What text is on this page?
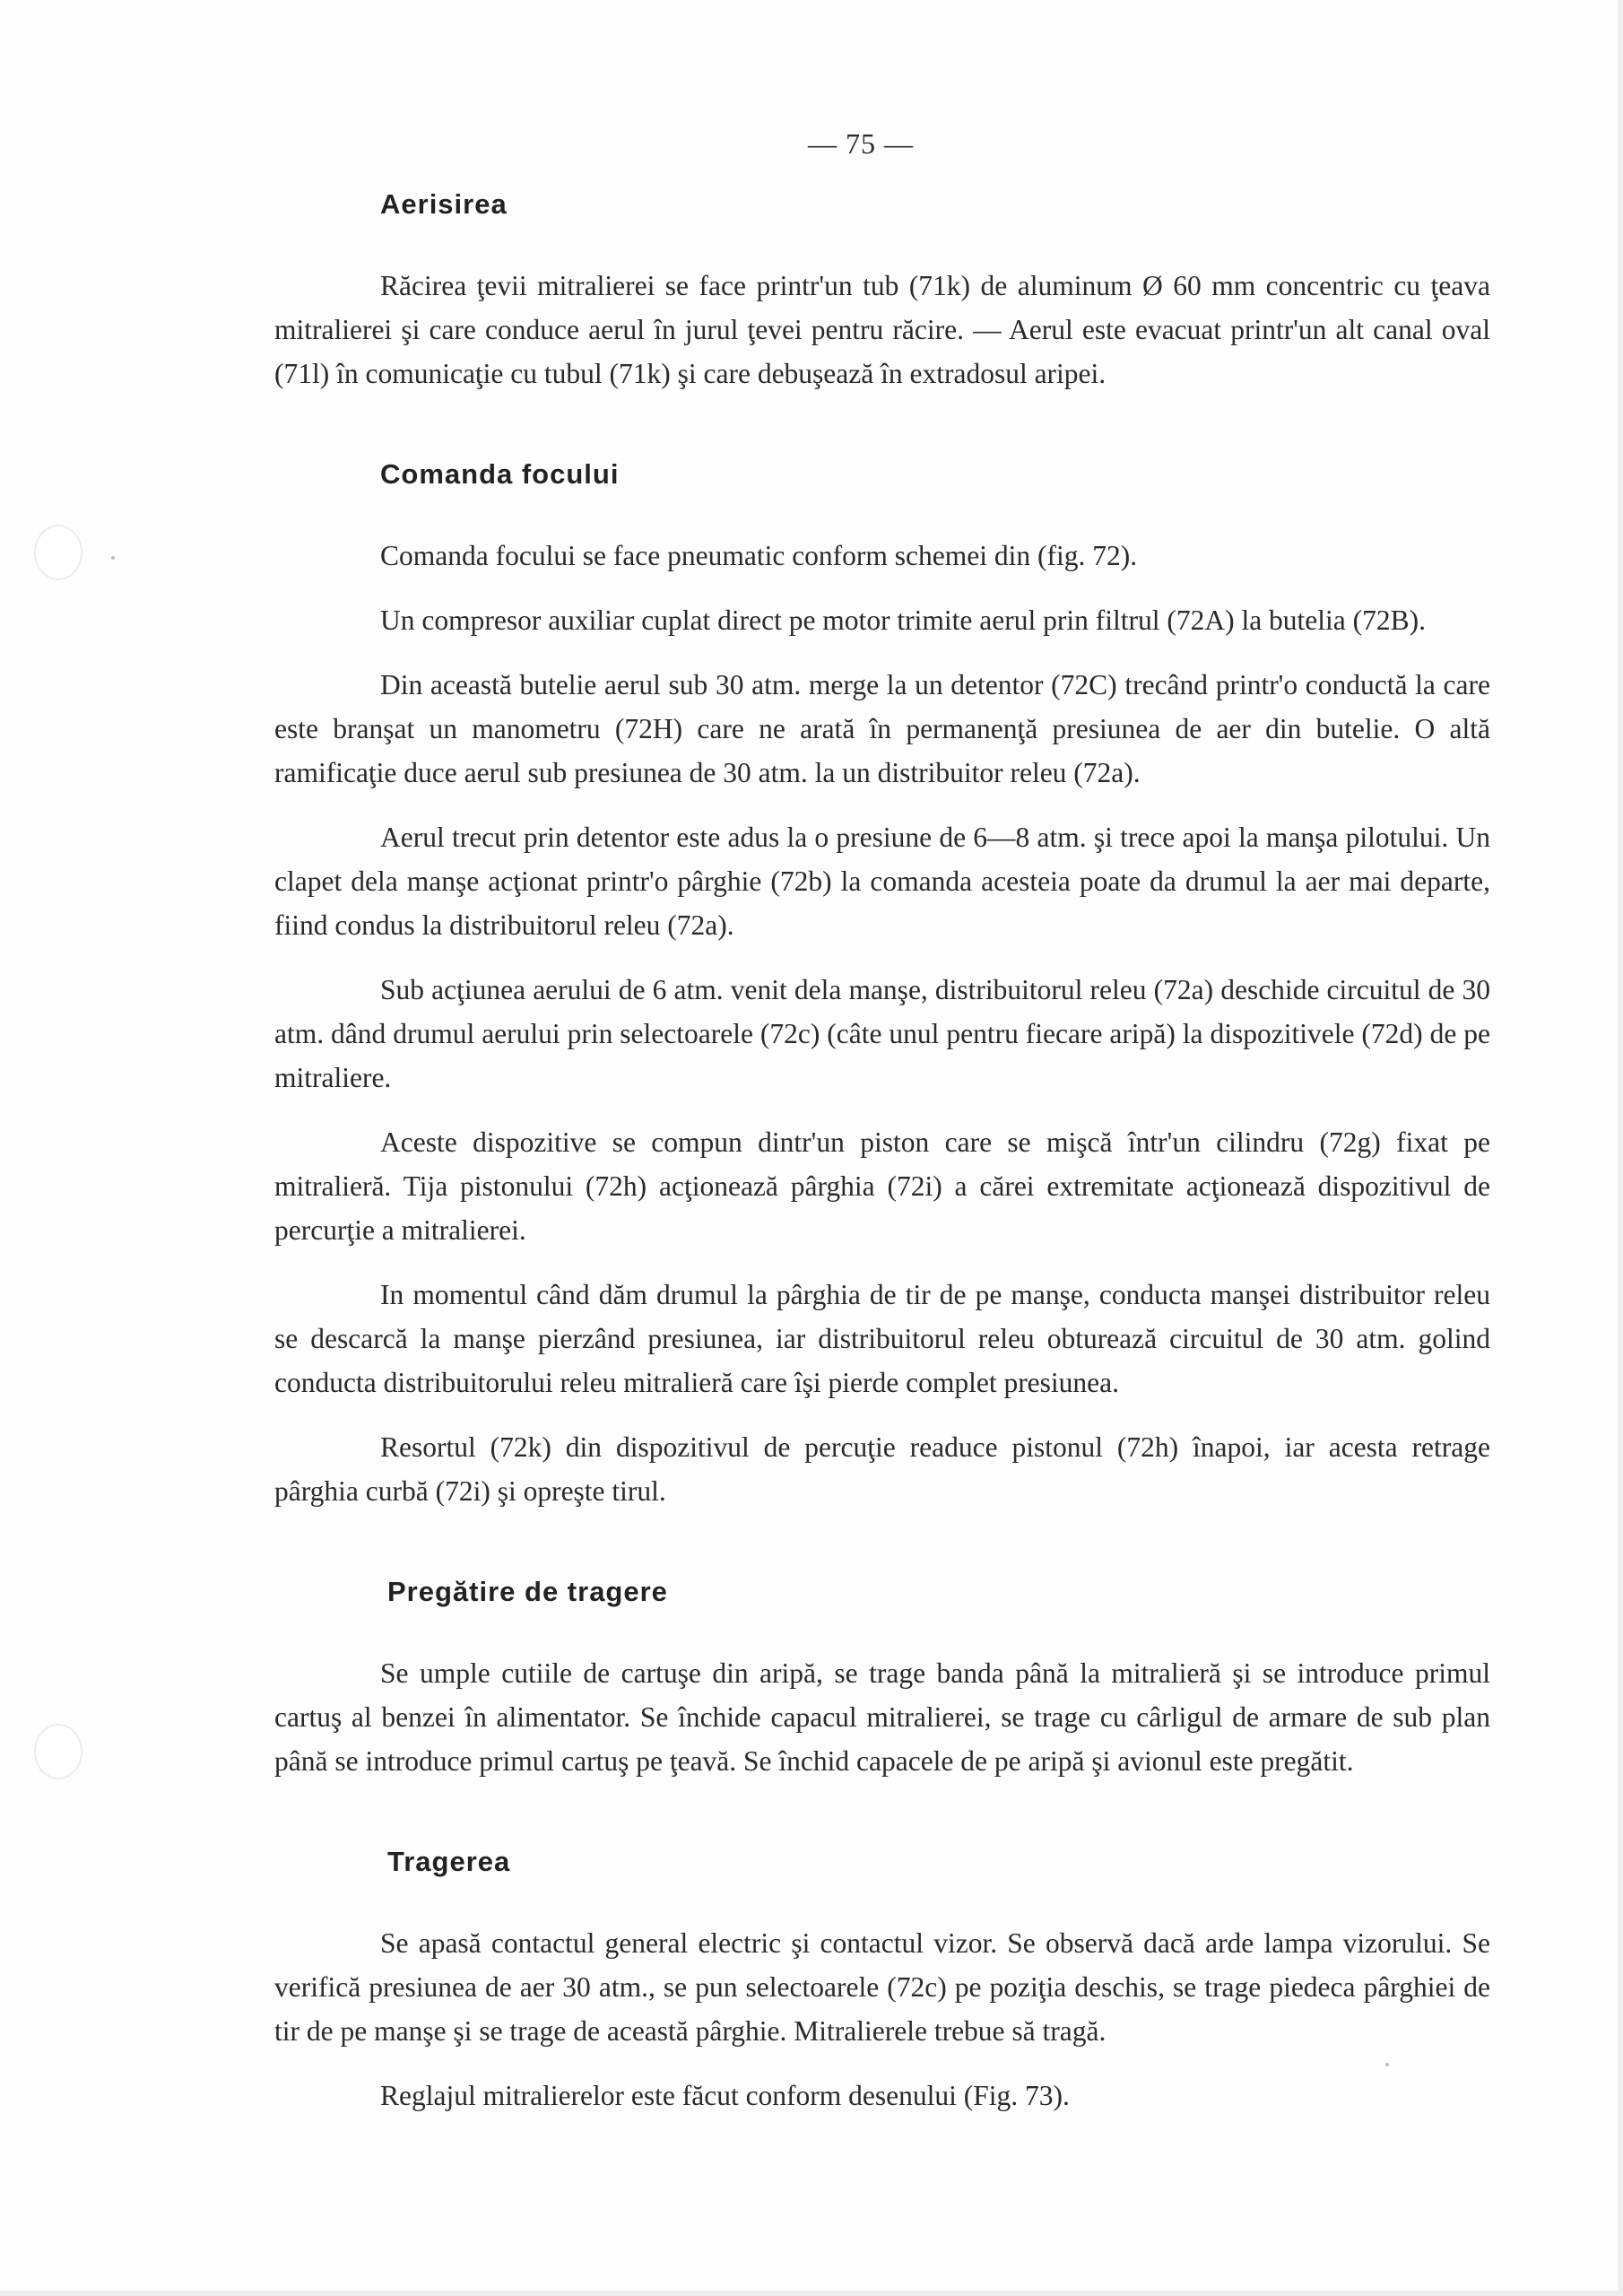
— 75 —
Aerisirea

Răcirea ţevii mitralierei se face printr'un tub (71k) de aluminum Ø 60 mm concentric cu ţeava mitralierei şi care conduce aerul în jurul ţevei pentru răcire. — Aerul este evacuat printr'un alt canal oval (71l) în comunicaţie cu tubul (71k) şi care debuşează în extradosul aripei.

Comanda focului

Comanda focului se face pneumatic conform schemei din (fig. 72).

Un compresor auxiliar cuplat direct pe motor trimite aerul prin filtrul (72A) la butelia (72B).

Din această butelie aerul sub 30 atm. merge la un detentor (72C) trecând printr'o conductă la care este branşat un manometru (72H) care ne arată în permanenţă presiunea de aer din butelie. O altă ramificaţie duce aerul sub presiunea de 30 atm. la un distribuitor releu (72a).

Aerul trecut prin detentor este adus la o presiune de 6—8 atm. şi trece apoi la manşa pilotului. Un clapet dela manşe acţionat printr'o pârghie (72b) la comanda acesteia poate da drumul la aer mai departe, fiind condus la distribuitorul releu (72a).

Sub acţiunea aerului de 6 atm. venit dela manşe, distribuitorul releu (72a) deschide circuitul de 30 atm. dând drumul aerului prin selectoarele (72c) (câte unul pentru fiecare aripă) la dispozitivele (72d) de pe mitraliere.

Aceste dispozitive se compun dintr'un piston care se mişcă într'un cilindru (72g) fixat pe mitralieră. Tija pistonului (72h) acţionează pârghia (72i) a cărei extremitate acţionează dispozitivul de percurţie a mitralierei.

In momentul când dăm drumul la pârghia de tir de pe manşe, conducta manşei distribuitor releu se descarcă la manşe pierzând presiunea, iar distribuitorul releu obturează circuitul de 30 atm. golind conducta distribuitorului releu mitralieră care îşi pierde complet presiunea.

Resortul (72k) din dispozitivul de percuţie readuce pistonul (72h) înapoi, iar acesta retrage pârghia curbă (72i) şi opreşte tirul.

Pregătire de tragere

Se umple cutiile de cartuşe din aripă, se trage banda până la mitralieră şi se introduce primul cartuş al benzei în alimentator. Se închide capacul mitralierei, se trage cu cârligul de armare de sub plan până se introduce primul cartuş pe ţeavă. Se închid capacele de pe aripă şi avionul este pregătit.

Tragerea

Se apasă contactul general electric şi contactul vizor. Se observă dacă arde lampa vizorului. Se verifică presiunea de aer 30 atm., se pun selectoarele (72c) pe poziţia deschis, se trage piedeca pârghiei de tir de pe manşe şi se trage de această pârghie. Mitralierele trebue să tragă.

Reglajul mitralierelor este făcut conform desenului (Fig. 73).
